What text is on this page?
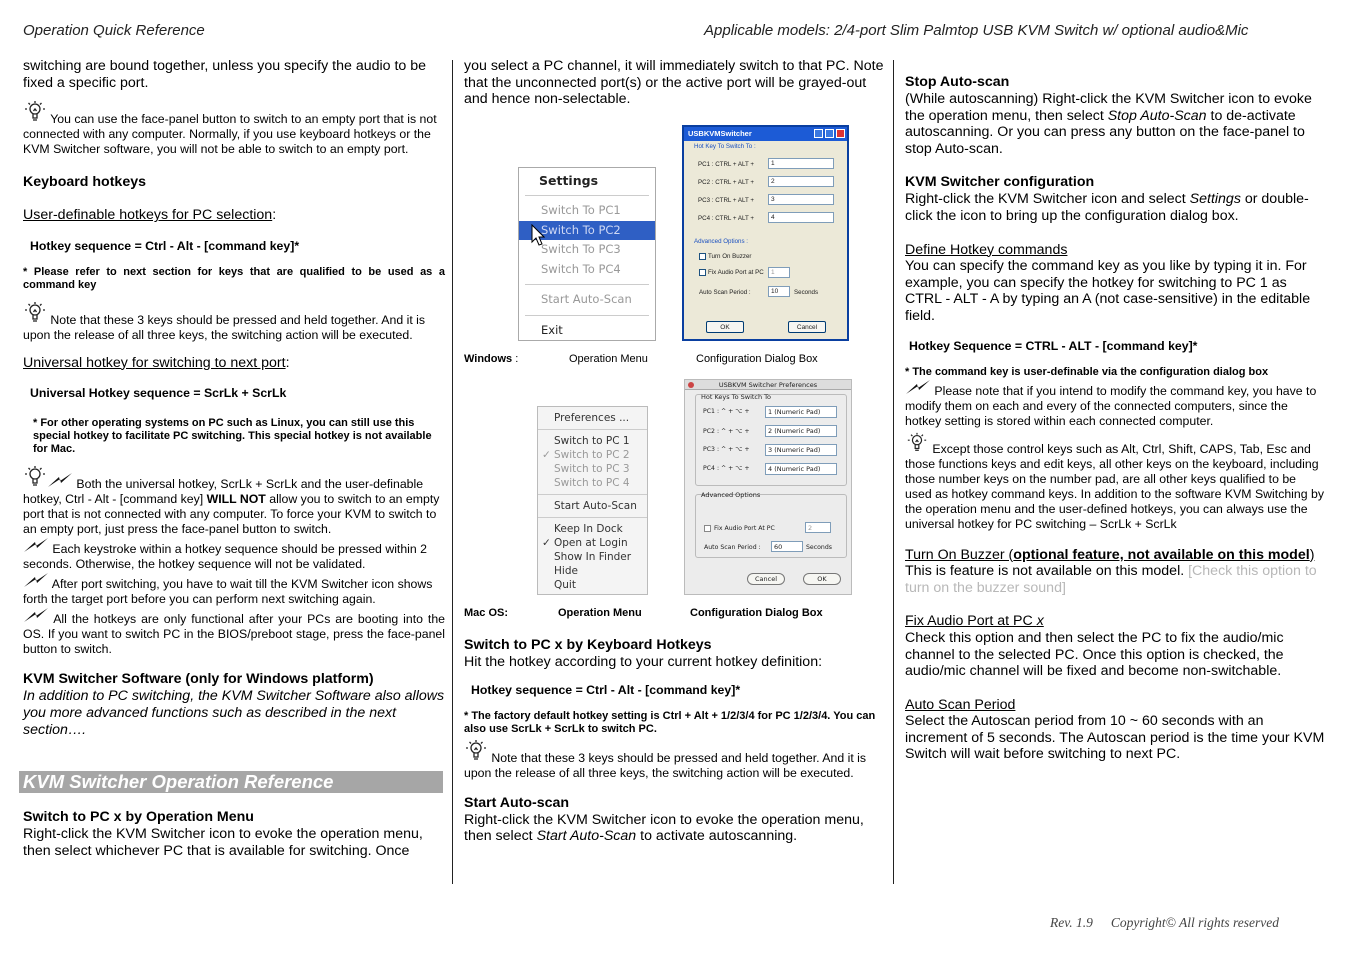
Operation Quick Reference	Applicable models: 2/4-port Slim Palmtop USB KVM Switch w/ optional audio&Mic

switching are bound together, unless you specify the audio to be fixed a specific port.

You can use the face-panel button to switch to an empty port that is not connected with any computer. Normally, if you use keyboard hotkeys or the KVM Switcher software, you will not be able to switch to an empty port.

Keyboard hotkeys

User-definable hotkeys for PC selection:

Hotkey sequence = Ctrl - Alt - [command key]*

* Please refer to next section for keys that are qualified to be used as a command key

Note that these 3 keys should be pressed and held together. And it is upon the release of all three keys, the switching action will be executed.

Universal hotkey for switching to next port:

Universal Hotkey sequence = ScrLk + ScrLk

* For other operating systems on PC such as Linux, you can still use this special hotkey to facilitate PC switching. This special hotkey is not available for Mac.

Both the universal hotkey, ScrLk + ScrLk and the user-definable hotkey, Ctrl - Alt - [command key] WILL NOT allow you to switch to an empty port that is not connected with any computer. To force your KVM to switch to an empty port, just press the face-panel button to switch.

Each keystroke within a hotkey sequence should be pressed within 2 seconds. Otherwise, the hotkey sequence will not be validated.

After port switching, you have to wait till the KVM Switcher icon shows forth the target port before you can perform next switching again.

All the hotkeys are only functional after your PCs are booting into the OS. If you want to switch PC in the BIOS/preboot stage, press the face-panel button to switch.

KVM Switcher Software (only for Windows platform)

In addition to PC switching, the KVM Switcher Software also allows you more advanced functions such as described in the next section….

KVM Switcher Operation Reference

Switch to PC x by Operation Menu

Right-click the KVM Switcher icon to evoke the operation menu, then select whichever PC that is available for switching. Once

you select a PC channel, it will immediately switch to that PC. Note that the unconnected port(s) or the active port will be grayed-out and hence non-selectable.

Settings
Switch To PC1
Switch To PC2
Switch To PC3
Switch To PC4
Start Auto-Scan
Exit
USBKVMSwitcher
Hot Key To Switch To :
PC1 : CTRL + ALT +	1
PC2 : CTRL + ALT +	2
PC3 : CTRL + ALT +	3
PC4 : CTRL + ALT +	4
Advanced Options :
Turn On Buzzer
Fix Audio Port at PC	1
Auto Scan Period :	10	Seconds
OK	Cancel
Windows :	Operation Menu	Configuration Dialog Box
Preferences ...
Switch to PC 1
✓ Switch to PC 2
Switch to PC 3
Switch to PC 4
Start Auto-Scan
Keep In Dock
✓ Open at Login
Show In Finder
Hide
Quit
USBKVM Switcher Preferences
Hot Keys To Switch To
PC1 : ^ + ⌥ +	1 (Numeric Pad)
PC2 : ^ + ⌥ +	2 (Numeric Pad)
PC3 : ^ + ⌥ +	3 (Numeric Pad)
PC4 : ^ + ⌥ +	4 (Numeric Pad)
Advanced Options
Fix Audio Port At PC	2
Auto Scan Period :	60	Seconds
Cancel	OK
Mac OS:	Operation Menu	Configuration Dialog Box

Switch to PC x by Keyboard Hotkeys

Hit the hotkey according to your current hotkey definition:

Hotkey sequence = Ctrl - Alt - [command key]*

* The factory default hotkey setting is Ctrl + Alt + 1/2/3/4 for PC 1/2/3/4. You can also use ScrLk + ScrLk to switch PC.

Note that these 3 keys should be pressed and held together. And it is upon the release of all three keys, the switching action will be executed.

Start Auto-scan

Right-click the KVM Switcher icon to evoke the operation menu, then select Start Auto-Scan to activate autoscanning.

Stop Auto-scan

(While autoscanning) Right-click the KVM Switcher icon to evoke the operation menu, then select Stop Auto-Scan to de-activate autoscanning. Or you can press any button on the face-panel to stop Auto-scan.

KVM Switcher configuration

Right-click the KVM Switcher icon and select Settings or double-click the icon to bring up the configuration dialog box.

Define Hotkey commands

You can specify the command key as you like by typing it in. For example, you can specify the hotkey for switching to PC 1 as CTRL - ALT - A by typing an A (not case-sensitive) in the editable field.

Hotkey Sequence = CTRL - ALT - [command key]*

* The command key is user-definable via the configuration dialog box

Please note that if you intend to modify the command key, you have to modify them on each and every of the connected computers, since the hotkey setting is stored within each connected computer.

Except those control keys such as Alt, Ctrl, Shift, CAPS, Tab, Esc and those functions keys and edit keys, all other keys on the keyboard, including those number keys on the number pad, are all other keys qualified to be used as hotkey command keys. In addition to the software KVM Switching by the operation menu and the user-defined hotkeys, you can always use the universal hotkey for PC switching – ScrLk + ScrLk

Turn On Buzzer (optional feature, not available on this model)

This is feature is not available on this model. [Check this option to turn on the buzzer sound]

Fix Audio Port at PC x

Check this option and then select the PC to fix the audio/mic channel to the selected PC. Once this option is checked, the audio/mic channel will be fixed and become non-switchable.

Auto Scan Period

Select the Autoscan period from 10 ~ 60 seconds with an increment of 5 seconds. The Autoscan period is the time your KVM Switch will wait before switching to next PC.

Rev. 1.9 Copyright© All rights reserved
